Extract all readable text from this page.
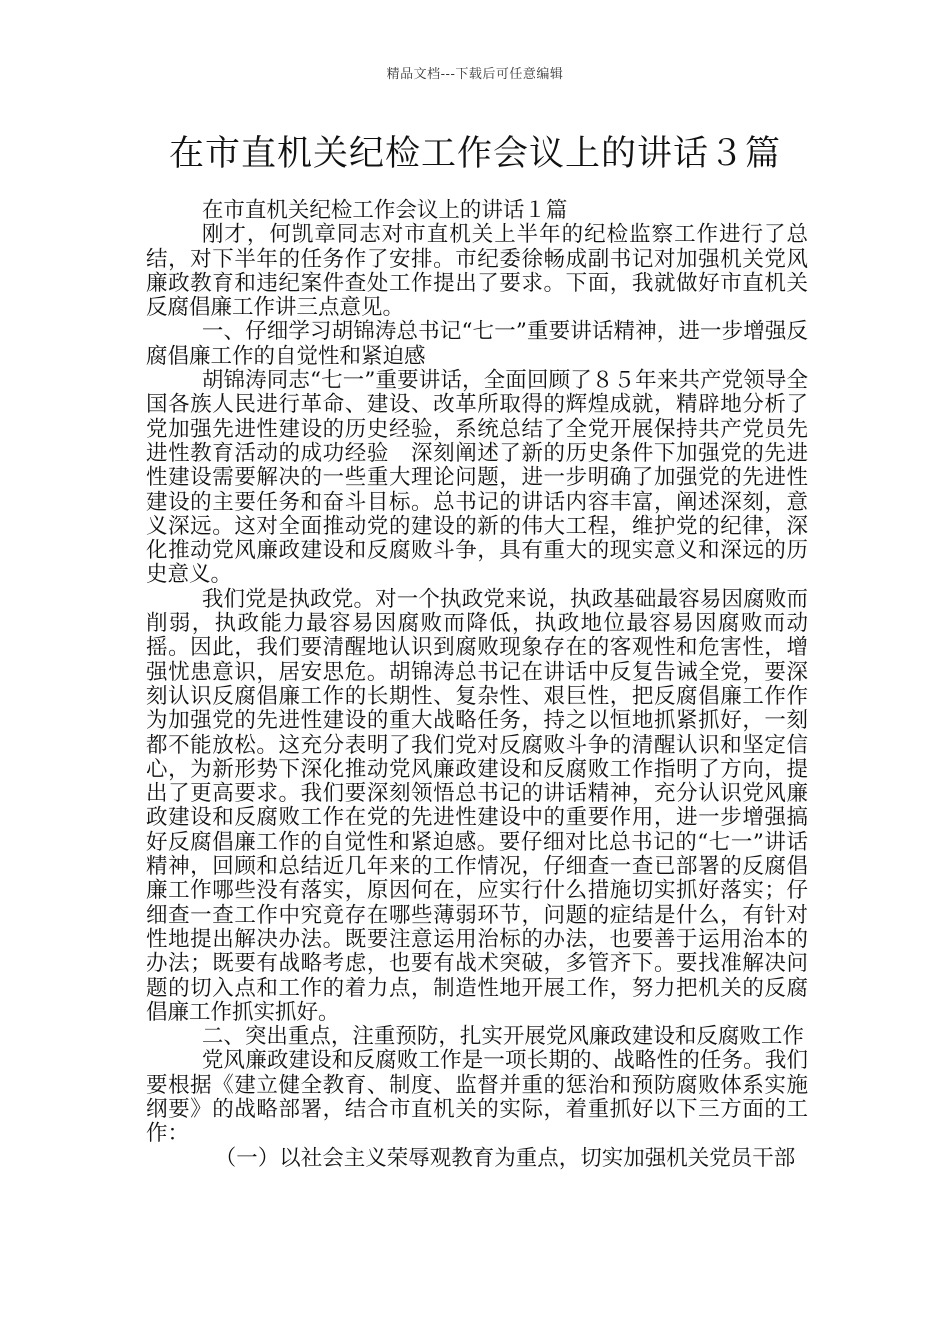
精品文档---下载后可任意编辑
在市直机关纪检工作会议上的讲话３篇

在市直机关纪检工作会议上的讲话１篇

刚才，何凯章同志对市直机关上半年的纪检监察工作进行了总结，对下半年的任务作了安排。市纪委徐畅成副书记对加强机关党风廉政教育和违纪案件查处工作提出了要求。下面，我就做好市直机关反腐倡廉工作讲三点意见。

一、仔细学习胡锦涛总书记“七一”重要讲话精神，进一步增强反腐倡廉工作的自觉性和紧迫感

胡锦涛同志“七一”重要讲话，全面回顾了８５年来共产党领导全国各族人民进行革命、建设、改革所取得的辉煌成就，精辟地分析了党加强先进性建设的历史经验，系统总结了全党开展保持共产党员先进性教育活动的成功经验　深刻阐述了新的历史条件下加强党的先进性建设需要解决的一些重大理论问题，进一步明确了加强党的先进性建设的主要任务和奋斗目标。总书记的讲话内容丰富，阐述深刻，意义深远。这对全面推动党的建设的新的伟大工程，维护党的纪律，深化推动党风廉政建设和反腐败斗争，具有重大的现实意义和深远的历史意义。

我们党是执政党。对一个执政党来说，执政基础最容易因腐败而削弱，执政能力最容易因腐败而降低，执政地位最容易因腐败而动摇。因此，我们要清醒地认识到腐败现象存在的客观性和危害性，增强忧患意识，居安思危。胡锦涛总书记在讲话中反复告诫全党，要深刻认识反腐倡廉工作的长期性、复杂性、艰巨性，把反腐倡廉工作作为加强党的先进性建设的重大战略任务，持之以恒地抓紧抓好，一刻都不能放松。这充分表明了我们党对反腐败斗争的清醒认识和坚定信心，为新形势下深化推动党风廉政建设和反腐败工作指明了方向，提出了更高要求。我们要深刻领悟总书记的讲话精神，充分认识党风廉政建设和反腐败工作在党的先进性建设中的重要作用，进一步增强搞好反腐倡廉工作的自觉性和紧迫感。要仔细对比总书记的“七一”讲话精神，回顾和总结近几年来的工作情况，仔细查一查已部署的反腐倡廉工作哪些没有落实，原因何在，应实行什么措施切实抓好落实；仔细查一查工作中究竟存在哪些薄弱环节，问题的症结是什么，有针对性地提出解决办法。既要注意运用治标的办法，也要善于运用治本的办法；既要有战略考虑，也要有战术突破，多管齐下。要找准解决问题的切入点和工作的着力点，制造性地开展工作，努力把机关的反腐倡廉工作抓实抓好。

二、突出重点，注重预防，扎实开展党风廉政建设和反腐败工作

党风廉政建设和反腐败工作是一项长期的、战略性的任务。我们要根据《建立健全教育、制度、监督并重的惩治和预防腐败体系实施纲要》的战略部署，结合市直机关的实际，着重抓好以下三方面的工作：

（一）以社会主义荣辱观教育为重点，切实加强机关党员干部
